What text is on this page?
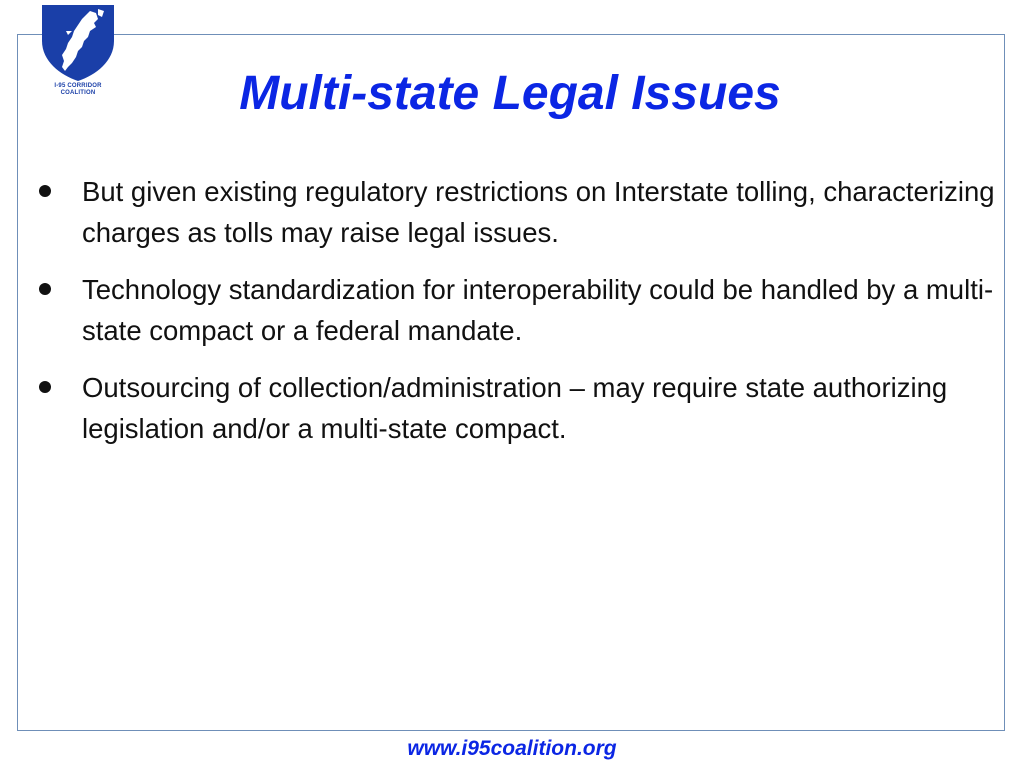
I-95 CORRIDOR
COALITION	Multi-state Legal Issues
But given existing regulatory restrictions on Interstate tolling, characterizing charges as tolls may raise legal issues.
Technology standardization for interoperability could be handled by a multi-state compact or a federal mandate.
Outsourcing of collection/administration – may require state authorizing legislation and/or a multi-state compact.
www.i95coalition.org
